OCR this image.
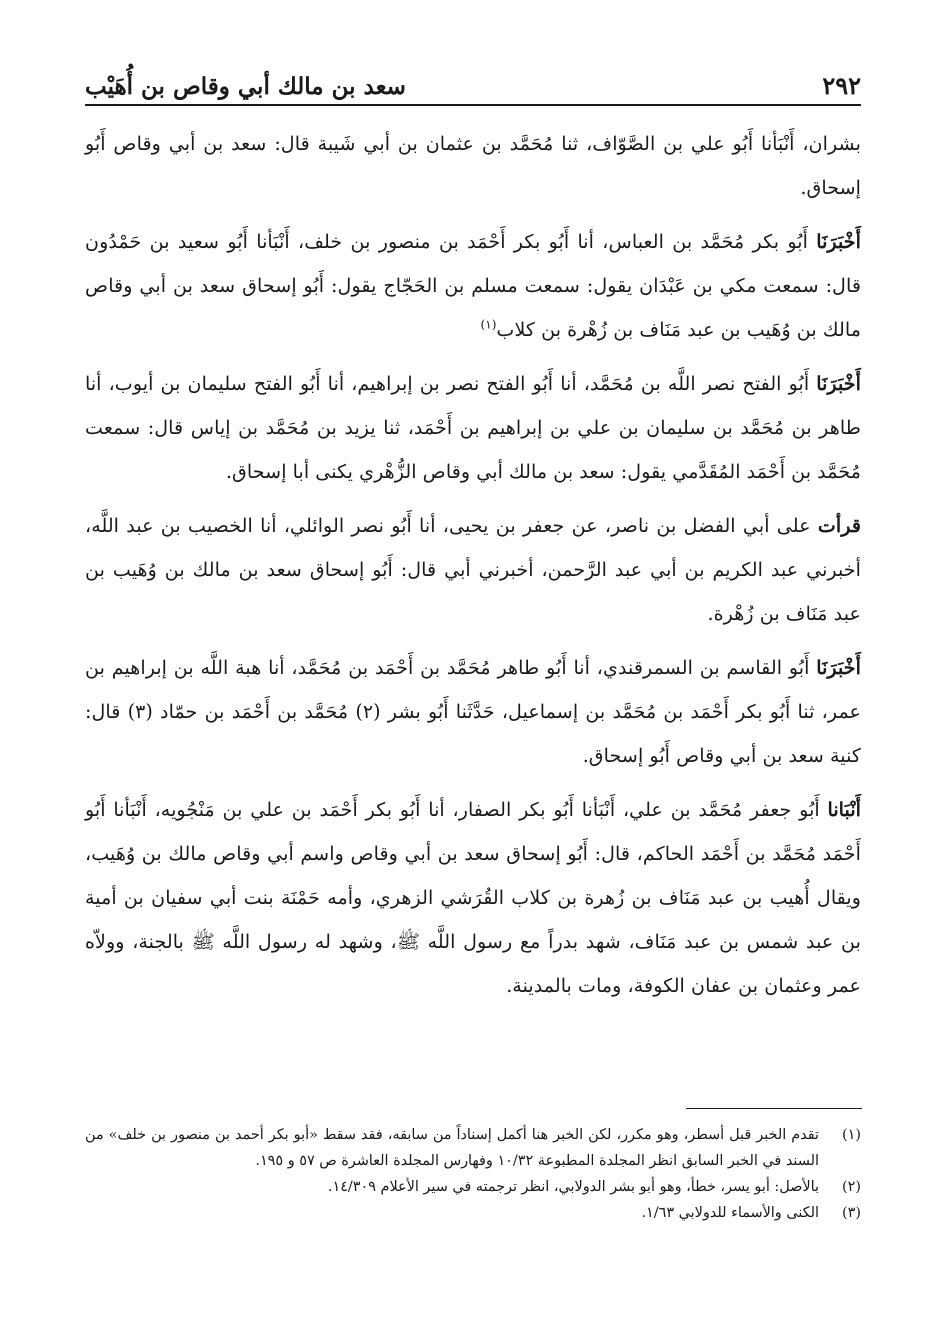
٢٩٢
سعد بن مالك أبي وقاص بن أُهَيْب

بشران، أَنْبَأنا أَبُو علي بن الصَّوّاف، ثنا مُحَمَّد بن عثمان بن أبي شَيبة قال: سعد بن أبي وقاص أَبُو إسحاق.

أَخْبَرَنَا أَبُو بكر مُحَمَّد بن العباس، أنا أَبُو بكر أَحْمَد بن منصور بن خلف، أَنْبَأنا أَبُو سعيد بن حَمْدُون قال: سمعت مكي بن عَبْدَان يقول: سمعت مسلم بن الحَجّاج يقول: أَبُو إسحاق سعد بن أبي وقاص مالك بن وُهَيب بن عبد مَنَاف بن زُهْرة بن كلاب$^{(١)}$

أَخْبَرَنَا أَبُو الفتح نصر اللَّه بن مُحَمَّد، أنا أَبُو الفتح نصر بن إبراهيم، أنا أَبُو الفتح سليمان بن أيوب، أنا طاهر بن مُحَمَّد بن سليمان بن علي بن إبراهيم بن أَحْمَد، ثنا يزيد بن مُحَمَّد بن إياس قال: سمعت مُحَمَّد بن أَحْمَد المُقَدَّمي يقول: سعد بن مالك أبي وقاص الزُّهْري يكنى أبا إسحاق.

قرأت على أبي الفضل بن ناصر، عن جعفر بن يحيى، أنا أَبُو نصر الوائلي، أنا الخصيب بن عبد اللَّه، أخبرني عبد الكريم بن أبي عبد الرَّحمن، أخبرني أبي قال: أَبُو إسحاق سعد بن مالك بن وُهَيب بن عبد مَنَاف بن زُهْرة.

أَخْبَرَنَا أَبُو القاسم بن السمرقندي، أنا أَبُو طاهر مُحَمَّد بن أَحْمَد بن مُحَمَّد، أنا هبة اللَّه بن إبراهيم بن عمر، ثنا أَبُو بكر أَحْمَد بن مُحَمَّد بن إسماعيل، حَدَّثَنا أَبُو بشر (٢) مُحَمَّد بن أَحْمَد بن حمّاد (٣) قال: كنية سعد بن أبي وقاص أَبُو إسحاق.

أَنْبَانا أَبُو جعفر مُحَمَّد بن علي، أَنْبَأنا أَبُو بكر الصفار، أنا أَبُو بكر أَحْمَد بن علي بن مَنْجُويه، أَنْبَأنا أَبُو أَحْمَد مُحَمَّد بن أَحْمَد الحاكم، قال: أَبُو إسحاق سعد بن أبي وقاص واسم أبي وقاص مالك بن وُهَيب، ويقال أُهيب بن عبد مَنَاف بن زُهرة بن كلاب القُرَشي الزهري، وأمه حَمْنَة بنت أبي سفيان بن أمية بن عبد شمس بن عبد مَنَاف، شهد بدراً مع رسول اللَّه ﷺ، وشهد له رسول اللَّه ﷺ بالجنة، وولاّه عمر وعثمان بن عفان الكوفة، ومات بالمدينة.

(١)
تقدم الخبر قبل أسطر، وهو مكرر، لكن الخبر هنا أكمل إسناداً من سابقه، فقد سقط «أبو بكر أحمد بن منصور بن خلف» من السند في الخبر السابق انظر المجلدة المطبوعة ١٠/٣٢ وفهارس المجلدة العاشرة ص ٥٧ و ١٩٥.
(٢)
بالأصل: أبو يسر، خطأ، وهو أبو بشر الدولابي، انظر ترجمته في سير الأعلام ١٤/٣٠٩.
(٣)
الكنى والأسماء للدولابي ١/٦٣.
